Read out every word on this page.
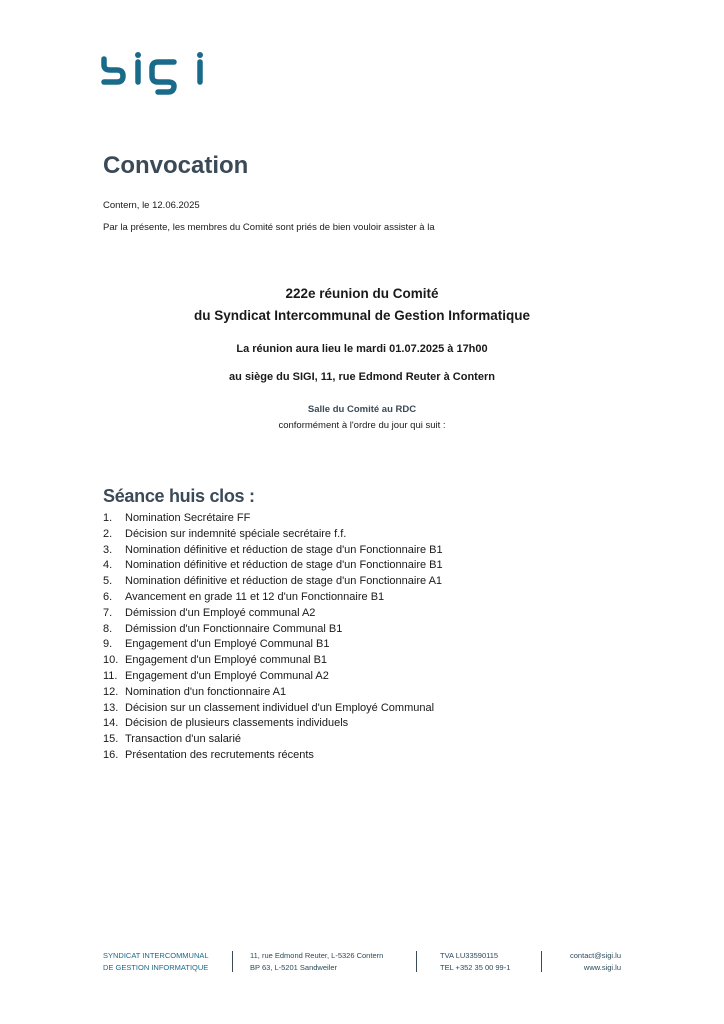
Convocation
Contern, le 12.06.2025
Par la présente, les membres du Comité sont priés de bien vouloir assister à la
222e réunion du Comité
du Syndicat Intercommunal de Gestion Informatique
La réunion aura lieu le mardi 01.07.2025 à 17h00
au siège du SIGI, 11, rue Edmond Reuter à Contern
Salle du Comité au RDC
conformément à l'ordre du jour qui suit :
Séance huis clos :
1. Nomination Secrétaire FF
2. Décision sur indemnité spéciale secrétaire f.f.
3. Nomination définitive et réduction de stage d'un Fonctionnaire B1
4. Nomination définitive et réduction de stage d'un Fonctionnaire B1
5. Nomination définitive et réduction de stage d'un Fonctionnaire A1
6. Avancement en grade 11 et 12 d'un Fonctionnaire B1
7. Démission d'un Employé communal A2
8. Démission d'un Fonctionnaire Communal B1
9. Engagement d'un Employé Communal B1
10. Engagement d'un Employé communal B1
11. Engagement d'un Employé Communal A2
12. Nomination d'un fonctionnaire A1
13. Décision sur un classement individuel d'un Employé Communal
14. Décision de plusieurs classements individuels
15. Transaction d'un salarié
16. Présentation des recrutements récents
SYNDICAT INTERCOMMUNAL
DE GESTION INFORMATIQUE
11, rue Edmond Reuter, L-5326 Contern
BP 63, L-5201 Sandweiler
TVA LU33590115
TEL +352 35 00 99-1
contact@sigi.lu
www.sigi.lu
